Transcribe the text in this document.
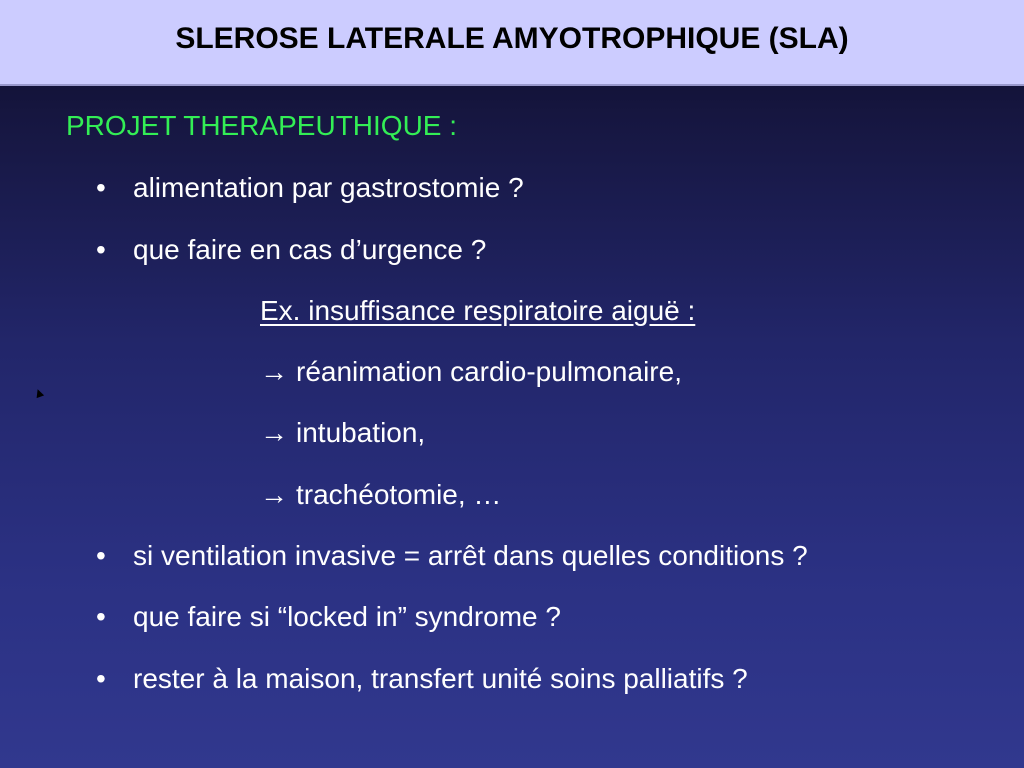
SLEROSE LATERALE AMYOTROPHIQUE (SLA)
PROJET THERAPEUTHIQUE :
• alimentation par gastrostomie ?
• que faire en cas d’urgence ?
Ex. insuffisance respiratoire aiguë :
→ réanimation cardio-pulmonaire,
→ intubation,
→ trachéotomie, …
• si ventilation invasive = arrêt dans quelles conditions ?
• que faire si “locked in” syndrome ?
• rester à la maison, transfert unité soins palliatifs ?
